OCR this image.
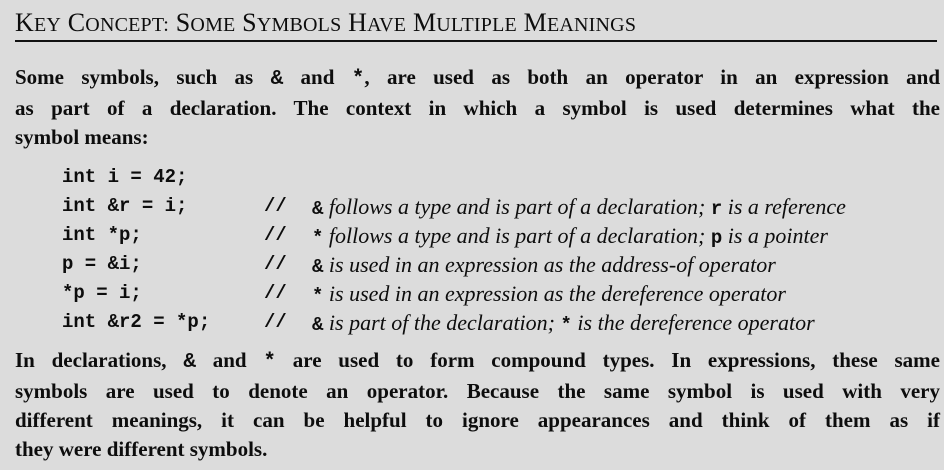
KEY CONCEPT: SOME SYMBOLS HAVE MULTIPLE MEANINGS
Some symbols, such as & and *, are used as both an operator in an expression and
as part of a declaration. The context in which a symbol is used determines what the
symbol means:
int i = 42;
int &r = i;	// & follows a type and is part of a declaration; r is a reference
int *p;	// * follows a type and is part of a declaration; p is a pointer
p = &i;	// & is used in an expression as the address-of operator
*p = i;	// * is used in an expression as the dereference operator
int &r2 = *p;	// & is part of the declaration; * is the dereference operator
In declarations, & and * are used to form compound types. In expressions, these same
symbols are used to denote an operator. Because the same symbol is used with very
different meanings, it can be helpful to ignore appearances and think of them as if
they were different symbols.
